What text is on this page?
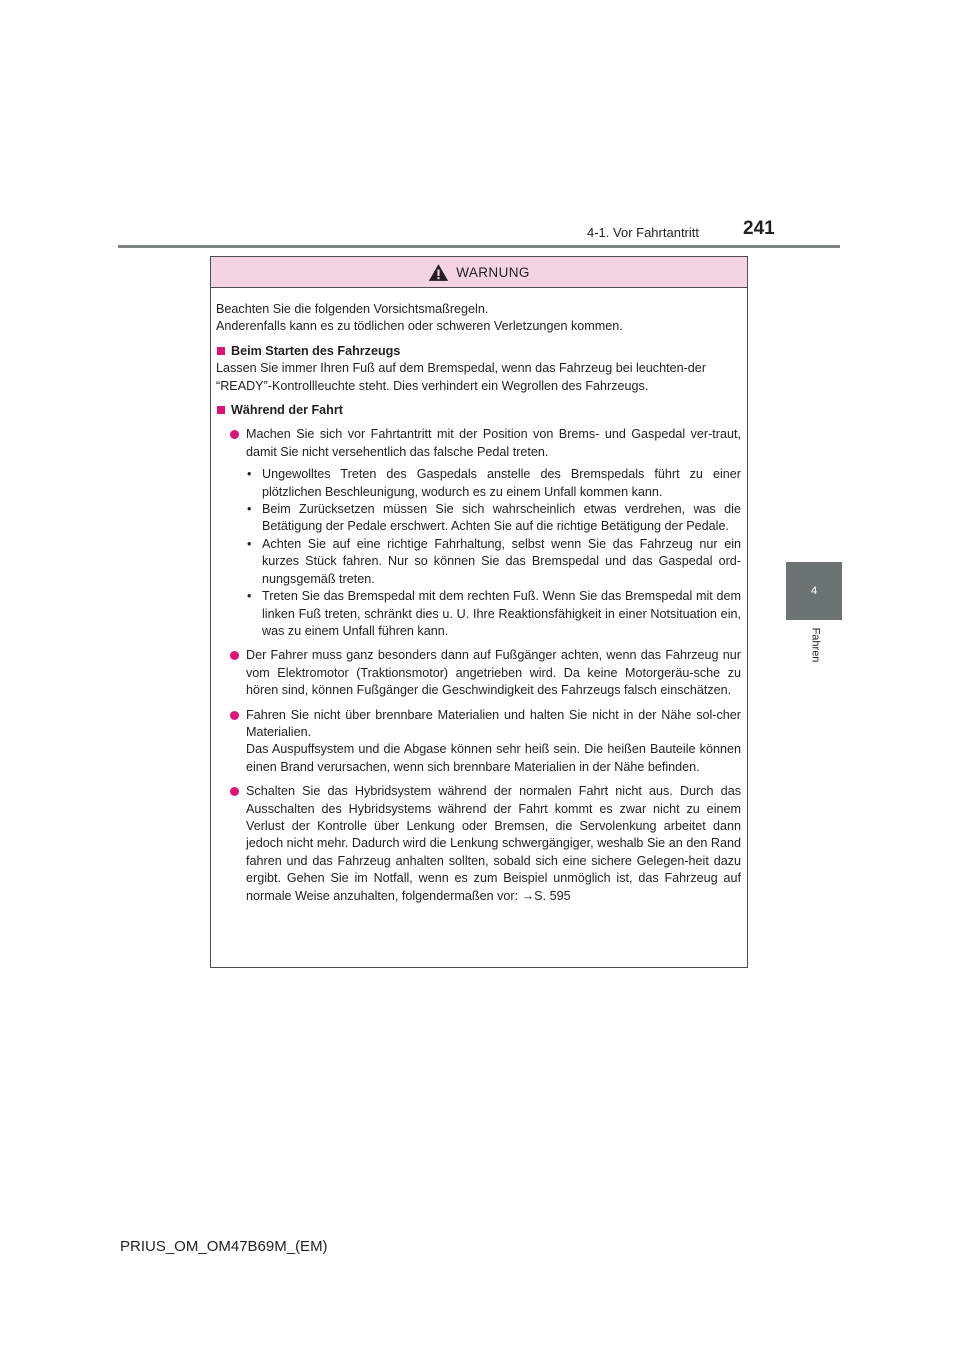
4-1. Vor Fahrtantritt 241
4
Fahren
WARNUNG

Beachten Sie die folgenden Vorsichtsmaßregeln.

Anderenfalls kann es zu tödlichen oder schweren Verletzungen kommen.

Beim Starten des Fahrzeugs

Lassen Sie immer Ihren Fuß auf dem Bremspedal, wenn das Fahrzeug bei leuchten-der “READY”-Kontrollleuchte steht. Dies verhindert ein Wegrollen des Fahrzeugs.

Während der Fahrt
Machen Sie sich vor Fahrtantritt mit der Position von Brems- und Gaspedal ver-traut, damit Sie nicht versehentlich das falsche Pedal treten.
• Ungewolltes Treten des Gaspedals anstelle des Bremspedals führt zu einer plötzlichen Beschleunigung, wodurch es zu einem Unfall kommen kann.
• Beim Zurücksetzen müssen Sie sich wahrscheinlich etwas verdrehen, was die Betätigung der Pedale erschwert. Achten Sie auf die richtige Betätigung der Pedale.
• Achten Sie auf eine richtige Fahrhaltung, selbst wenn Sie das Fahrzeug nur ein kurzes Stück fahren. Nur so können Sie das Bremspedal und das Gaspedal ord-nungsgemäß treten.
• Treten Sie das Bremspedal mit dem rechten Fuß. Wenn Sie das Bremspedal mit dem linken Fuß treten, schränkt dies u. U. Ihre Reaktionsfähigkeit in einer Notsituation ein, was zu einem Unfall führen kann.
Der Fahrer muss ganz besonders dann auf Fußgänger achten, wenn das Fahrzeug nur vom Elektromotor (Traktionsmotor) angetrieben wird. Da keine Motorgeräu-sche zu hören sind, können Fußgänger die Geschwindigkeit des Fahrzeugs falsch einschätzen.
Fahren Sie nicht über brennbare Materialien und halten Sie nicht in der Nähe sol-cher Materialien.
Das Auspuffsystem und die Abgase können sehr heiß sein. Die heißen Bauteile können einen Brand verursachen, wenn sich brennbare Materialien in der Nähe befinden.
Schalten Sie das Hybridsystem während der normalen Fahrt nicht aus. Durch das Ausschalten des Hybridsystems während der Fahrt kommt es zwar nicht zu einem Verlust der Kontrolle über Lenkung oder Bremsen, die Servolenkung arbeitet dann jedoch nicht mehr. Dadurch wird die Lenkung schwergängiger, weshalb Sie an den Rand fahren und das Fahrzeug anhalten sollten, sobald sich eine sichere Gelegen-heit dazu ergibt. Gehen Sie im Notfall, wenn es zum Beispiel unmöglich ist, das Fahrzeug auf normale Weise anzuhalten, folgendermaßen vor: →S. 595
PRIUS_OM_OM47B69M_(EM)
